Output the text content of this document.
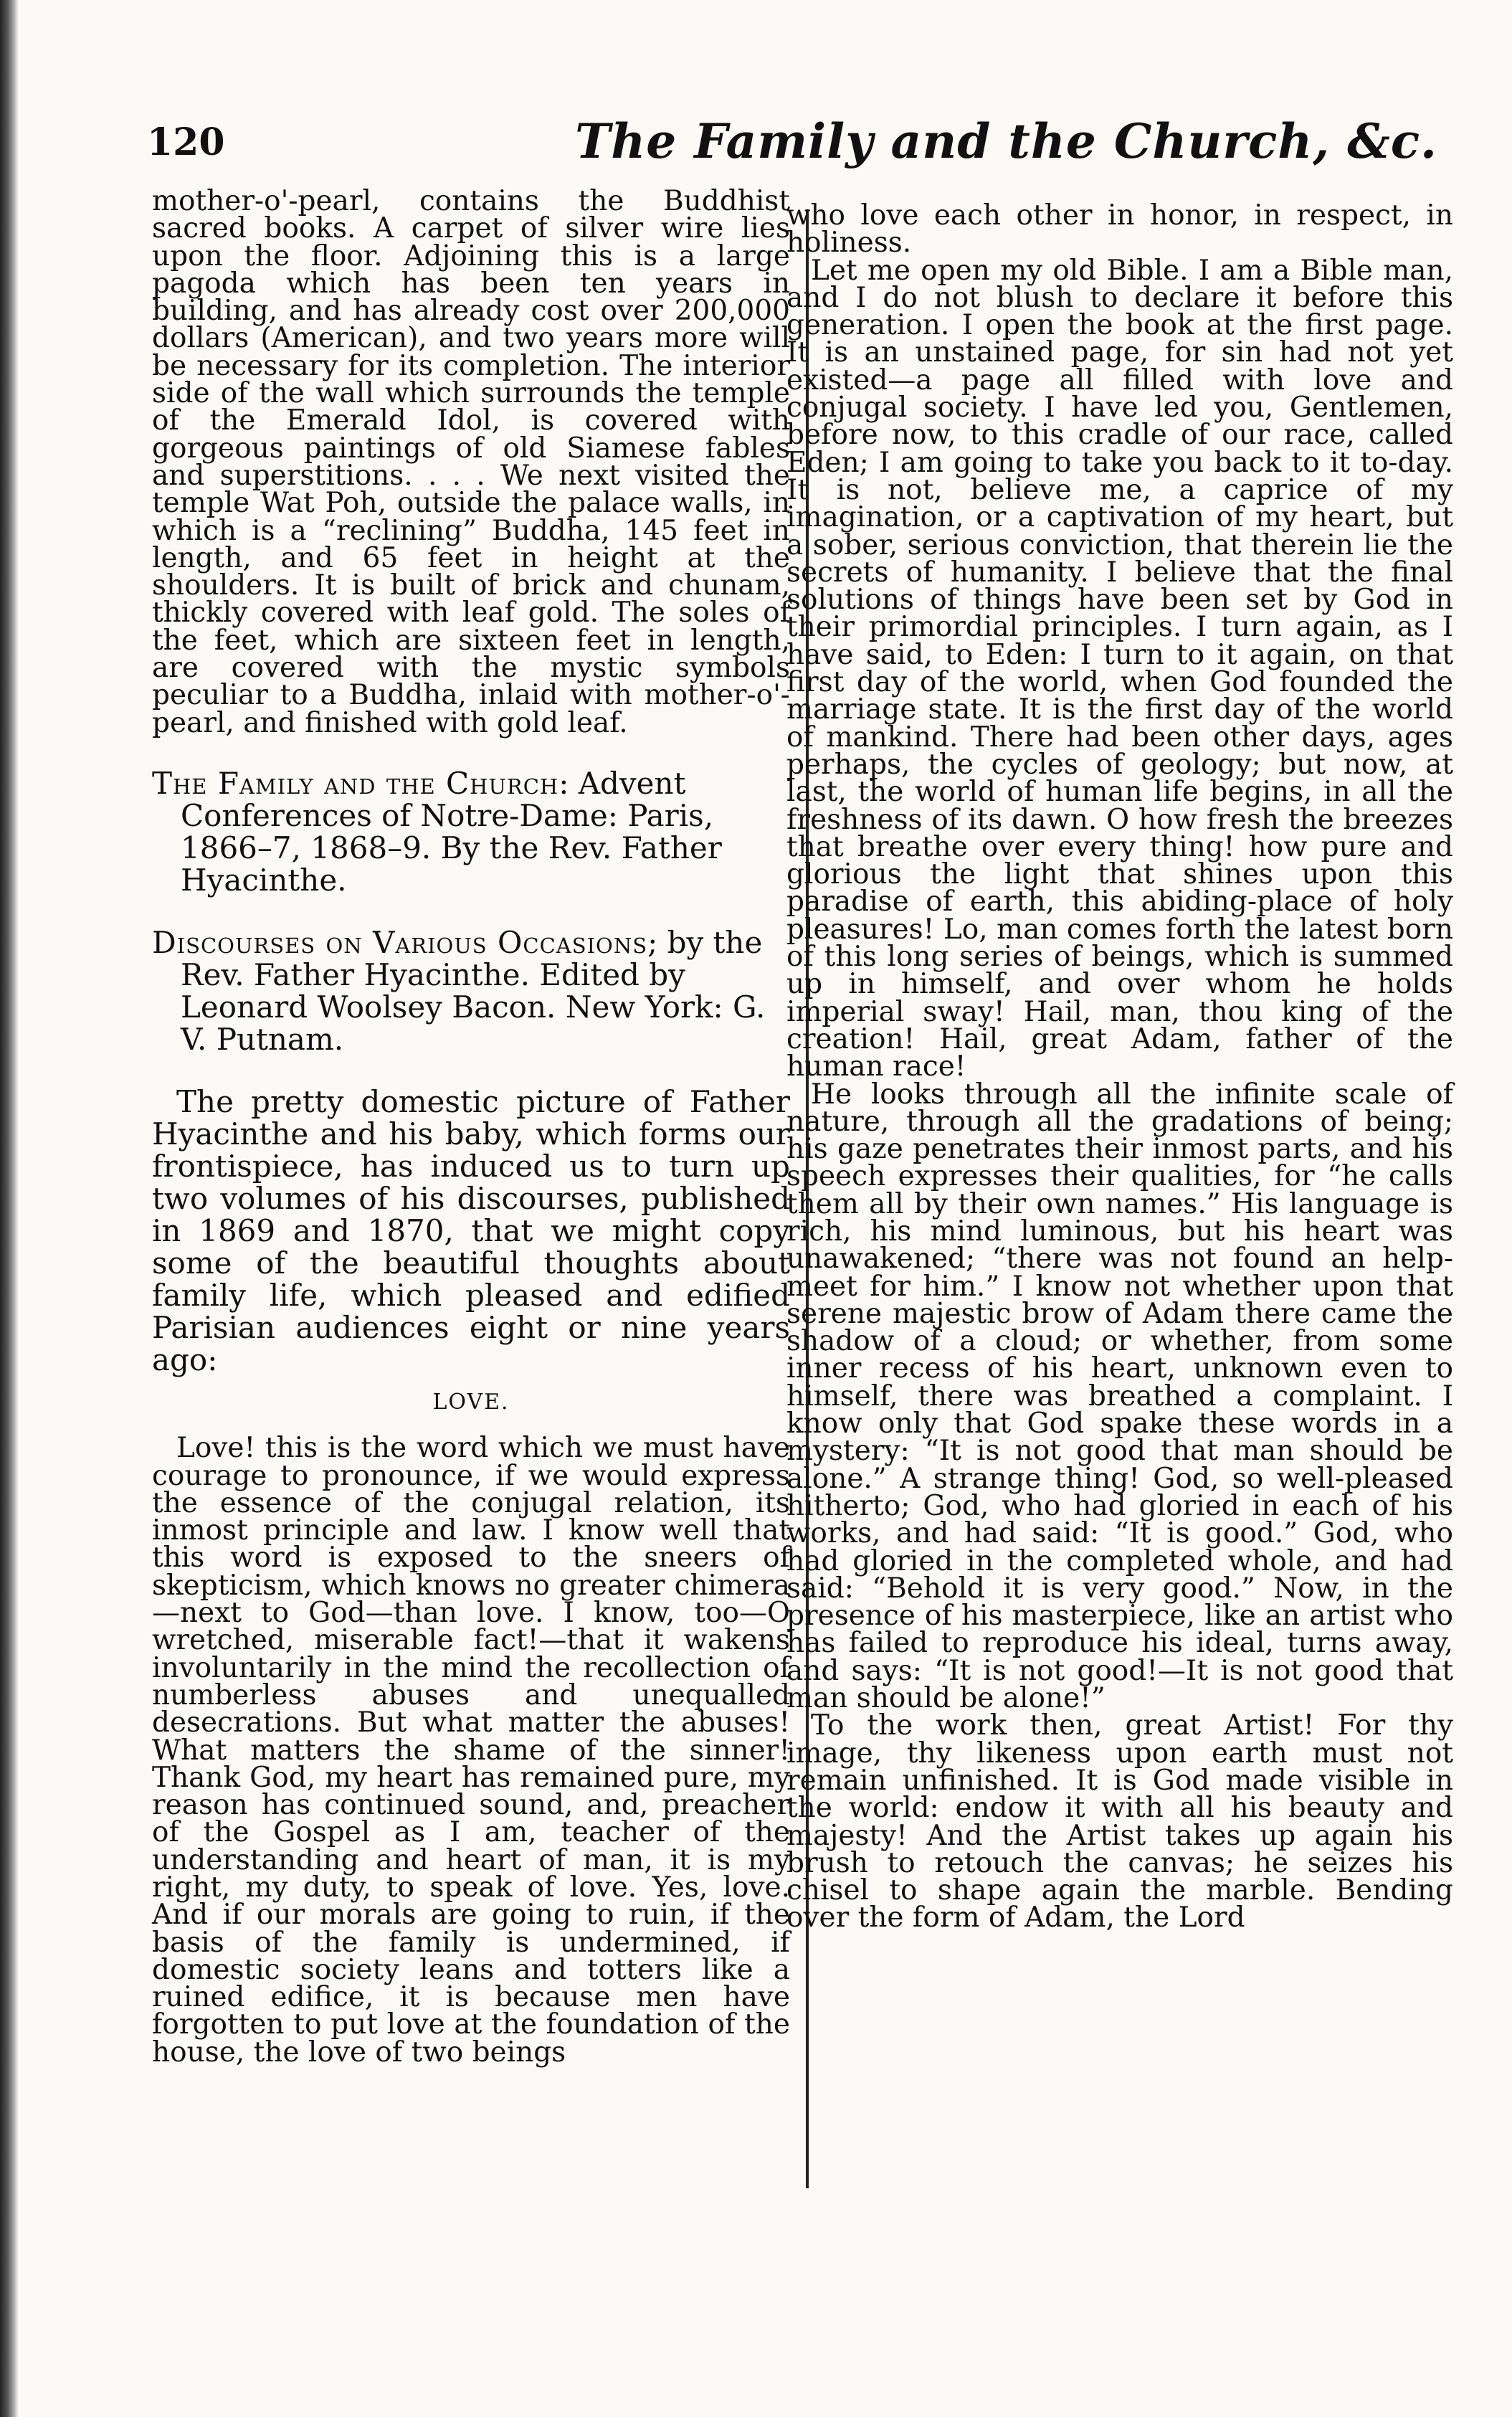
120	The Family and the Church, &c.

mother-o'-pearl, contains the Buddhist sacred books. A carpet of silver wire lies upon the floor. Adjoining this is a large pagoda which has been ten years in building, and has already cost over 200,000 dollars (American), and two years more will be necessary for its completion. The interior side of the wall which surrounds the temple of the Emerald Idol, is covered with gorgeous paintings of old Siamese fables and superstitions. . . . We next visited the temple Wat Poh, outside the palace walls, in which is a “reclining” Buddha, 145 feet in length, and 65 feet in height at the shoulders. It is built of brick and chunam, thickly covered with leaf gold. The soles of the feet, which are sixteen feet in length, are covered with the mystic symbols peculiar to a Buddha, inlaid with mother-o'-pearl, and finished with gold leaf.

The Family and the Church: Advent Conferences of Notre-Dame: Paris, 1866–7, 1868–9. By the Rev. Father Hyacinthe.

Discourses on Various Occasions; by the Rev. Father Hyacinthe. Edited by Leonard Woolsey Bacon. New York: G. V. Putnam.

The pretty domestic picture of Father Hyacinthe and his baby, which forms our frontispiece, has induced us to turn up two volumes of his discourses, published in 1869 and 1870, that we might copy some of the beautiful thoughts about family life, which pleased and edified Parisian audiences eight or nine years ago:

LOVE.

Love! this is the word which we must have courage to pronounce, if we would express the essence of the conjugal relation, its inmost principle and law. I know well that this word is exposed to the sneers of skepticism, which knows no greater chimera—next to God—than love. I know, too—O wretched, miserable fact!—that it wakens involuntarily in the mind the recollection of numberless abuses and unequalled desecrations. But what matter the abuses! What matters the shame of the sinner! Thank God, my heart has remained pure, my reason has continued sound, and, preacher of the Gospel as I am, teacher of the understanding and heart of man, it is my right, my duty, to speak of love. Yes, love. And if our morals are going to ruin, if the basis of the family is undermined, if domestic society leans and totters like a ruined edifice, it is because men have forgotten to put love at the foundation of the house, the love of two beings

who love each other in honor, in respect, in holiness.

Let me open my old Bible. I am a Bible man, and I do not blush to declare it before this generation. I open the book at the first page. It is an unstained page, for sin had not yet existed—a page all filled with love and conjugal society. I have led you, Gentlemen, before now, to this cradle of our race, called Eden; I am going to take you back to it to-day. It is not, believe me, a caprice of my imagination, or a captivation of my heart, but a sober, serious conviction, that therein lie the secrets of humanity. I believe that the final solutions of things have been set by God in their primordial principles. I turn again, as I have said, to Eden: I turn to it again, on that first day of the world, when God founded the marriage state. It is the first day of the world of mankind. There had been other days, ages perhaps, the cycles of geology; but now, at last, the world of human life begins, in all the freshness of its dawn. O how fresh the breezes that breathe over every thing! how pure and glorious the light that shines upon this paradise of earth, this abiding-place of holy pleasures! Lo, man comes forth the latest born of this long series of beings, which is summed up in himself, and over whom he holds imperial sway! Hail, man, thou king of the creation! Hail, great Adam, father of the human race!

He looks through all the infinite scale of nature, through all the gradations of being; his gaze penetrates their inmost parts, and his speech expresses their qualities, for “he calls them all by their own names.” His language is rich, his mind luminous, but his heart was unawakened; “there was not found an help-meet for him.” I know not whether upon that serene majestic brow of Adam there came the shadow of a cloud; or whether, from some inner recess of his heart, unknown even to himself, there was breathed a complaint. I know only that God spake these words in a mystery: “It is not good that man should be alone.” A strange thing! God, so well-pleased hitherto; God, who had gloried in each of his works, and had said: “It is good.” God, who had gloried in the completed whole, and had said: “Behold it is very good.” Now, in the presence of his masterpiece, like an artist who has failed to reproduce his ideal, turns away, and says: “It is not good!—It is not good that man should be alone!”

To the work then, great Artist! For thy image, thy likeness upon earth must not remain unfinished. It is God made visible in the world: endow it with all his beauty and majesty! And the Artist takes up again his brush to retouch the canvas; he seizes his chisel to shape again the marble. Bending over the form of Adam, the Lord
